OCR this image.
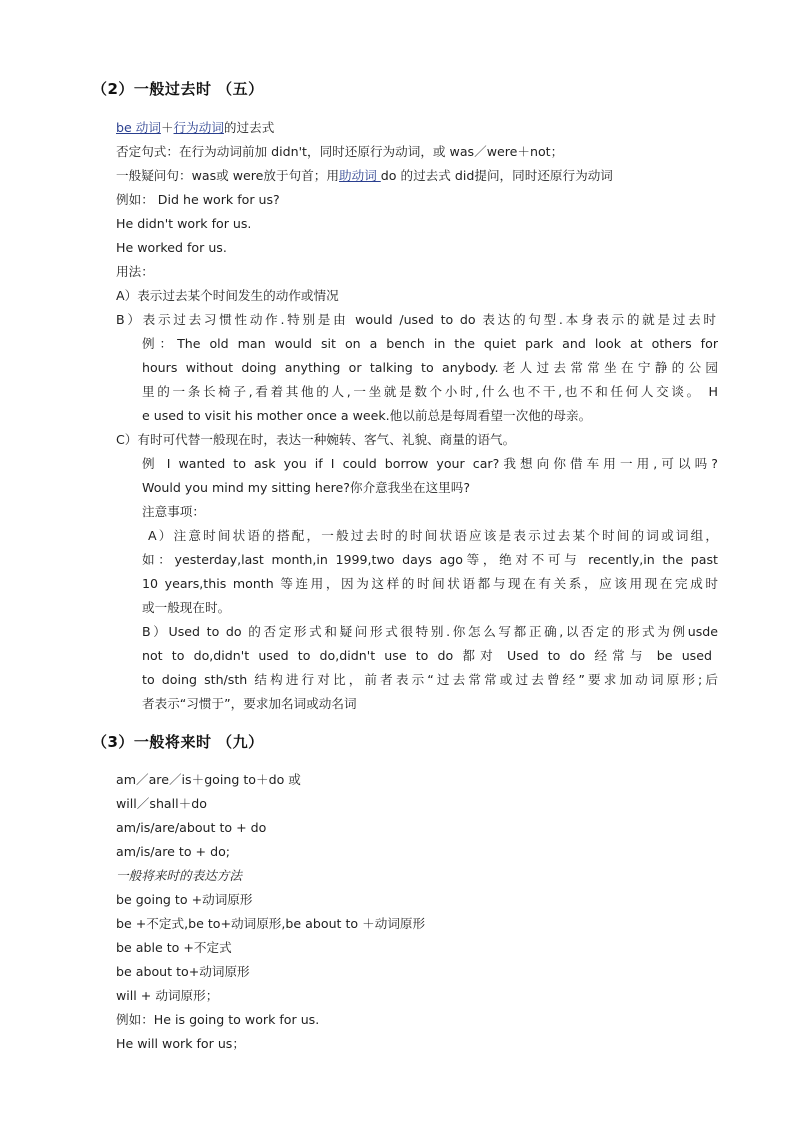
（2）一般过去时 （五）
be 动词＋行为动词的过去式
否定句式：在行为动词前加 didn't，同时还原行为动词，或 was／were＋not；
一般疑问句：was或 were放于句首；用助动词 do 的过去式 did提问，同时还原行为动词
例如： Did he work for us?
He didn't work for us.
He worked for us.
用法：
A）表示过去某个时间发生的动作或情况
B）表示过去习惯性动作.特别是由 would /used to do 表达的句型.本身表示的就是过去时
例：The old man would sit on a bench in the quiet park and look at others for
hours without doing anything or talking to anybody.老人过去常常坐在宁静的公园
里的一条长椅子,看着其他的人,一坐就是数个小时,什么也不干,也不和任何人交谈。 H
e used to visit his mother once a week.他以前总是每周看望一次他的母亲。
C）有时可代替一般现在时，表达一种婉转、客气、礼貌、商量的语气。
例 I wanted to ask you if I could borrow your car?我想向你借车用一用,可以吗?
Would you mind my sitting here?你介意我坐在这里吗?
注意事项：
A）注意时间状语的搭配，一般过去时的时间状语应该是表示过去某个时间的词或词组，
如：yesterday,last month,in 1999,two days ago等，绝对不可与 recently,in the past
10 years,this month 等连用，因为这样的时间状语都与现在有关系，应该用现在完成时
或一般现在时。
B）Used to do 的否定形式和疑问形式很特别.你怎么写都正确,以否定的形式为例usde
not to do,didn't used to do,didn't use to do 都对 Used to do 经常与 be used
to doing sth/sth 结构进行对比，前者表示“过去常常或过去曾经”要求加动词原形;后
者表示“习惯于”，要求加名词或动名词
（3）一般将来时 （九）
am／are／is＋going to＋do 或
will／shall＋do
am/is/are/about to + do
am/is/are to + do;
一般将来时的表达方法
be going to +动词原形
be +不定式,be to+动词原形,be about to ＋动词原形
be able to +不定式
be about to+动词原形
will + 动词原形；
例如：He is going to work for us.
He will work for us；
